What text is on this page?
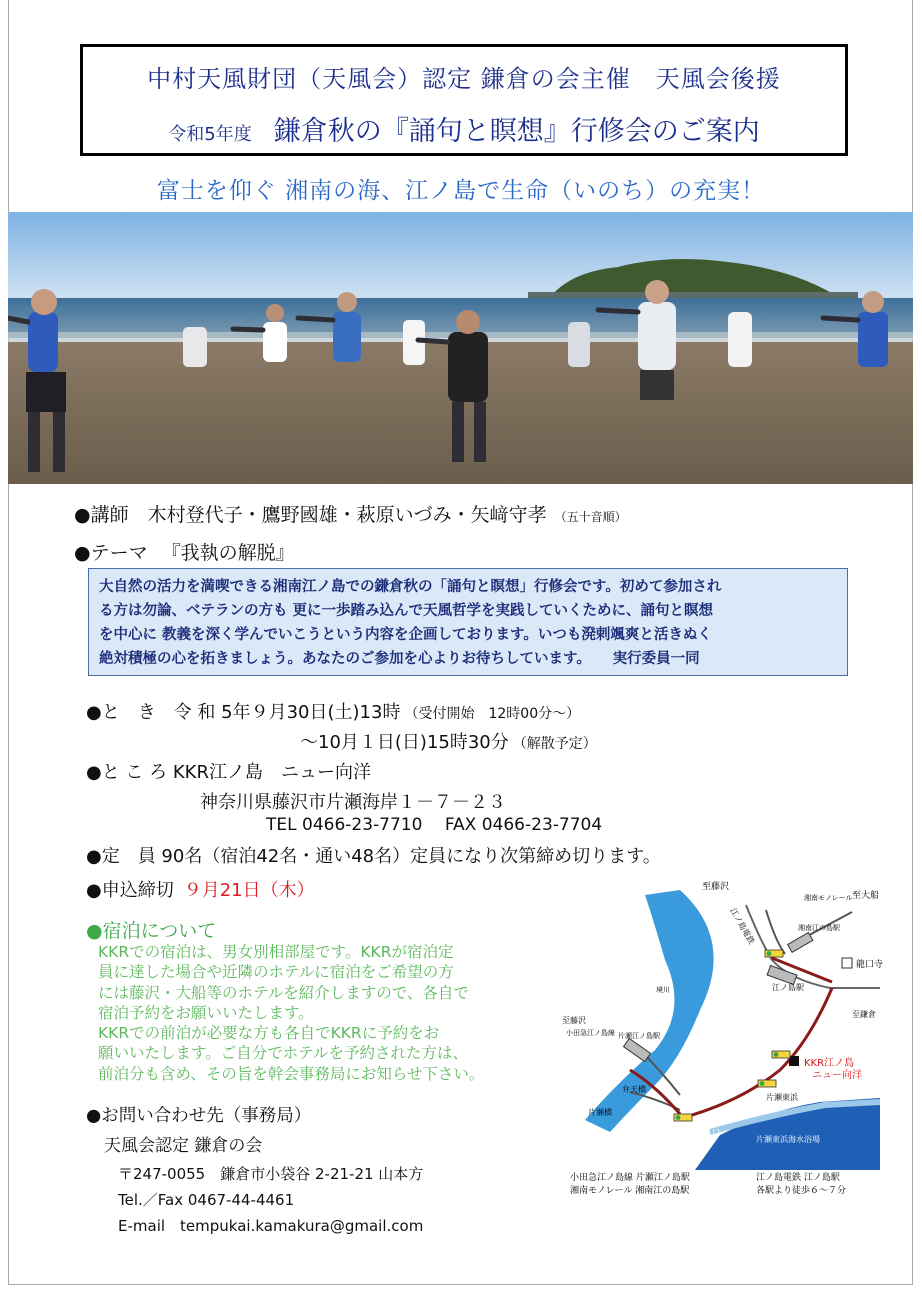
中村天風財団（天風会）認定 鎌倉の会主催　天風会後援
令和5年度 鎌倉秋の『誦句と瞑想』行修会のご案内
富士を仰ぐ 湘南の海、江ノ島で生命（いのち）の充実！
●講師　 木村登代子・鷹野國雄・萩原いづみ・矢﨑守孝 （五十音順）
●テーマ 『我執の解脱』
大自然の活力を満喫できる湘南江ノ島での鎌倉秋の「誦句と瞑想」行修会です。初めて参加され
る方は勿論、ベテランの方も 更に一歩踏み込んで天風哲学を実践していくために、誦句と瞑想
を中心に 教義を深く学んでいこうという内容を企画しております。いつも溌剌颯爽と活きぬく
絶対積極の心を拓きましょう。あなたのご参加を心よりお待ちしています。　　実行委員一同
●と　き　令 和 5年９月30日(土)13時 （受付開始　12時00分〜）
〜10月１日(日)15時30分 （解散予定）
●と こ ろ KKR江ノ島　ニュー向洋
神奈川県藤沢市片瀬海岸１－７－２３
TEL 0466-23-7710　 FAX 0466-23-7704
●定　員 90名（宿泊42名・通い48名）定員になり次第締め切ります。
●申込締切 ９月21日（木）
●宿泊について
KKRでの宿泊は、男女別相部屋です。KKRが宿泊定
員に達した場合や近隣のホテルに宿泊をご希望の方
には藤沢・大船等のホテルを紹介しますので、各自で
宿泊予約をお願いいたします。
KKRでの前泊が必要な方も各自でKKRに予約をお
願いいたします。ご自分でホテルを予約された方は、
前泊分も含め、その旨を幹会事務局にお知らせ下さい。
●お問い合わせ先（事務局）
天風会認定 鎌倉の会
〒247-0055　鎌倉市小袋谷 2-21-21 山本方
Tel.／Fax 0467-44-4461
E-mail　tempukai.kamakura@gmail.com
至藤沢
至大船
江ノ島電鉄
湘南モノレール
湘南江の島駅
龍口寺
江ノ島駅
至鎌倉
至藤沢
小田急江ノ島線 片瀬江ノ島駅
境川
KKR江ノ島
ニュー向洋
片瀬東浜
弁天橋
片瀬橋
江ノ島入口
片瀬東浜海水浴場
小田急江ノ島線 片瀬江ノ島駅
湘南モノレール 湘南江の島駅
江ノ島電鉄 江ノ島駅
各駅より徒歩６〜７分
